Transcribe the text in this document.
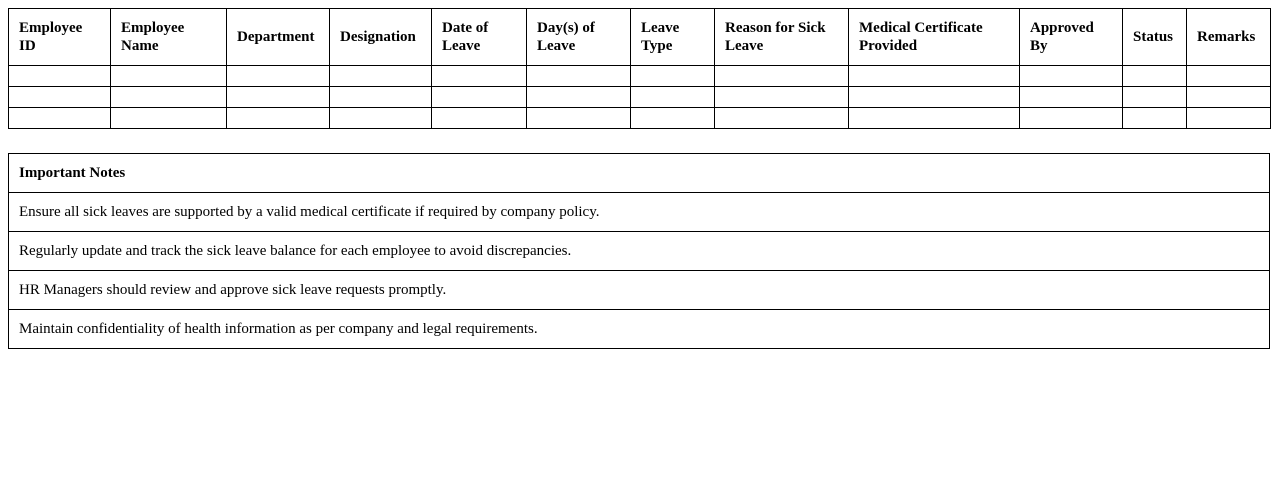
Employee ID	Employee Name	Department	Designation	Date of Leave	Day(s) of Leave	Leave Type	Reason for Sick Leave	Medical Certificate Provided	Approved By	Status	Remarks

Important Notes
Ensure all sick leaves are supported by a valid medical certificate if required by company policy.
Regularly update and track the sick leave balance for each employee to avoid discrepancies.
HR Managers should review and approve sick leave requests promptly.
Maintain confidentiality of health information as per company and legal requirements.
